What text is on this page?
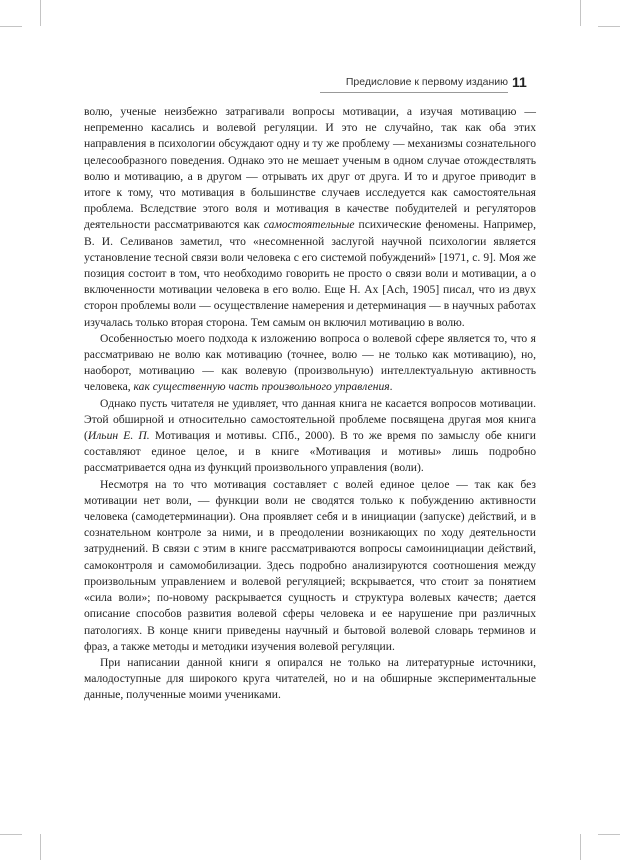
Предисловие к первому изданию 11

волю, ученые неизбежно затрагивали вопросы мотивации, а изучая мотивацию — непременно касались и волевой регуляции. И это не случайно, так как оба этих направления в психологии обсуждают одну и ту же проблему — механизмы сознательного целесообразного поведения. Однако это не мешает ученым в одном случае отождествлять волю и мотивацию, а в другом — отрывать их друг от друга. И то и другое приводит в итоге к тому, что мотивация в большинстве случаев исследуется как самостоятельная проблема. Вследствие этого воля и мотивация в качестве побудителей и регуляторов деятельности рассматриваются как самостоятельные психические феномены. Например, В. И. Селиванов заметил, что «несомненной заслугой научной психологии является установление тесной связи воли человека с его системой побуждений» [1971, с. 9]. Моя же позиция состоит в том, что необходимо говорить не просто о связи воли и мотивации, а о включенности мотивации человека в его волю. Еще Н. Ах [Ach, 1905] писал, что из двух сторон проблемы воли — осуществление намерения и детерминация — в научных работах изучалась только вторая сторона. Тем самым он включил мотивацию в волю.

Особенностью моего подхода к изложению вопроса о волевой сфере является то, что я рассматриваю не волю как мотивацию (точнее, волю — не только как мотивацию), но, наоборот, мотивацию — как волевую (произвольную) интеллектуальную активность человека, как существенную часть произвольного управления.

Однако пусть читателя не удивляет, что данная книга не касается вопросов мотивации. Этой обширной и относительно самостоятельной проблеме посвящена другая моя книга (Ильин Е. П. Мотивация и мотивы. СПб., 2000). В то же время по замыслу обе книги составляют единое целое, и в книге «Мотивация и мотивы» лишь подробно рассматривается одна из функций произвольного управления (воли).

Несмотря на то что мотивация составляет с волей единое целое — так как без мотивации нет воли, — функции воли не сводятся только к побуждению активности человека (самодетерминации). Она проявляет себя и в инициации (запуске) действий, и в сознательном контроле за ними, и в преодолении возникающих по ходу деятельности затруднений. В связи с этим в книге рассматриваются вопросы самоинициации действий, самоконтроля и самомобилизации. Здесь подробно анализируются соотношения между произвольным управлением и волевой регуляцией; вскрывается, что стоит за понятием «сила воли»; по-новому раскрывается сущность и структура волевых качеств; дается описание способов развития волевой сферы человека и ее нарушение при различных патологиях. В конце книги приведены научный и бытовой волевой словарь терминов и фраз, а также методы и методики изучения волевой регуляции.

При написании данной книги я опирался не только на литературные источники, малодоступные для широкого круга читателей, но и на обширные экспериментальные данные, полученные моими учениками.
